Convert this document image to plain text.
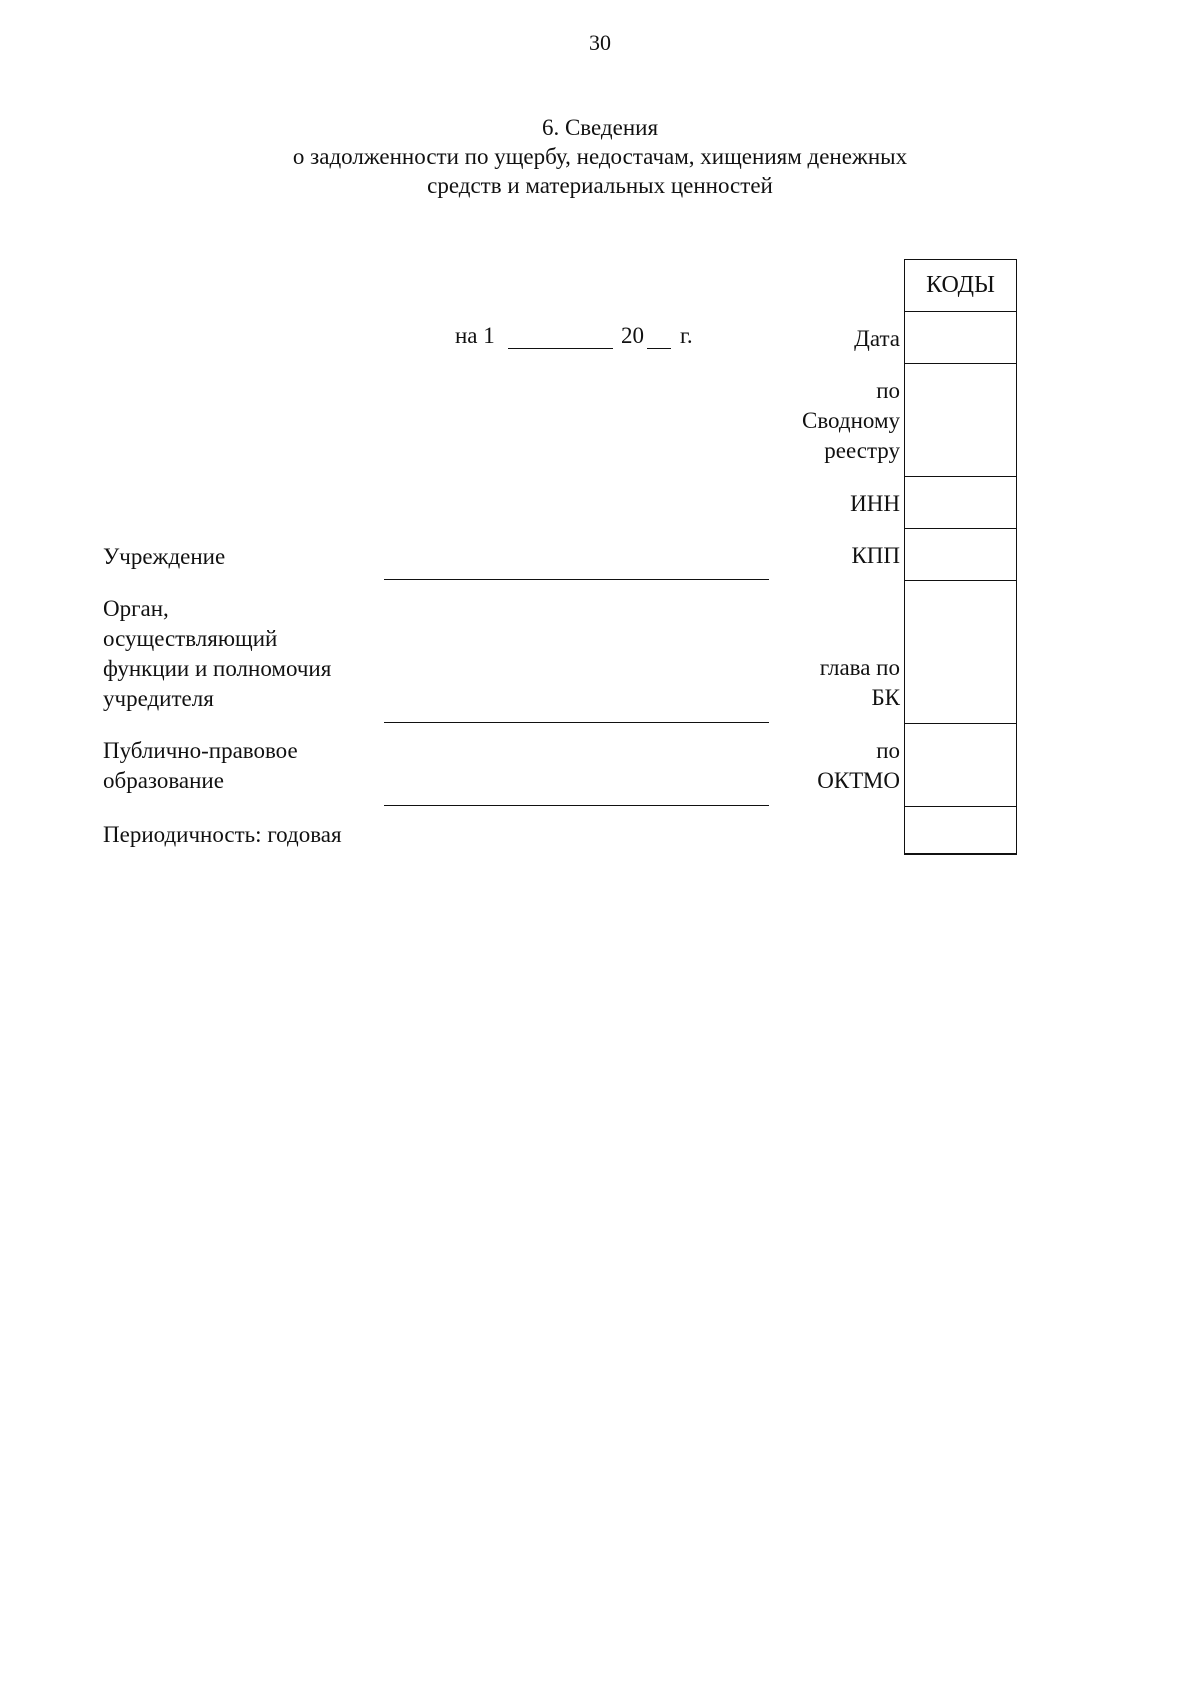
30
6. Сведения
о задолженности по ущербу, недостачам, хищениям денежных
средств и материальных ценностей
на 1	20 г.
КОДЫ
Дата
по
Сводному
реестру
ИНН
КПП
глава по
БК
по
ОКТМО
Учреждение
Орган,
осуществляющий
функции и полномочия
учредителя
Публично-правовое
образование
Периодичность: годовая
